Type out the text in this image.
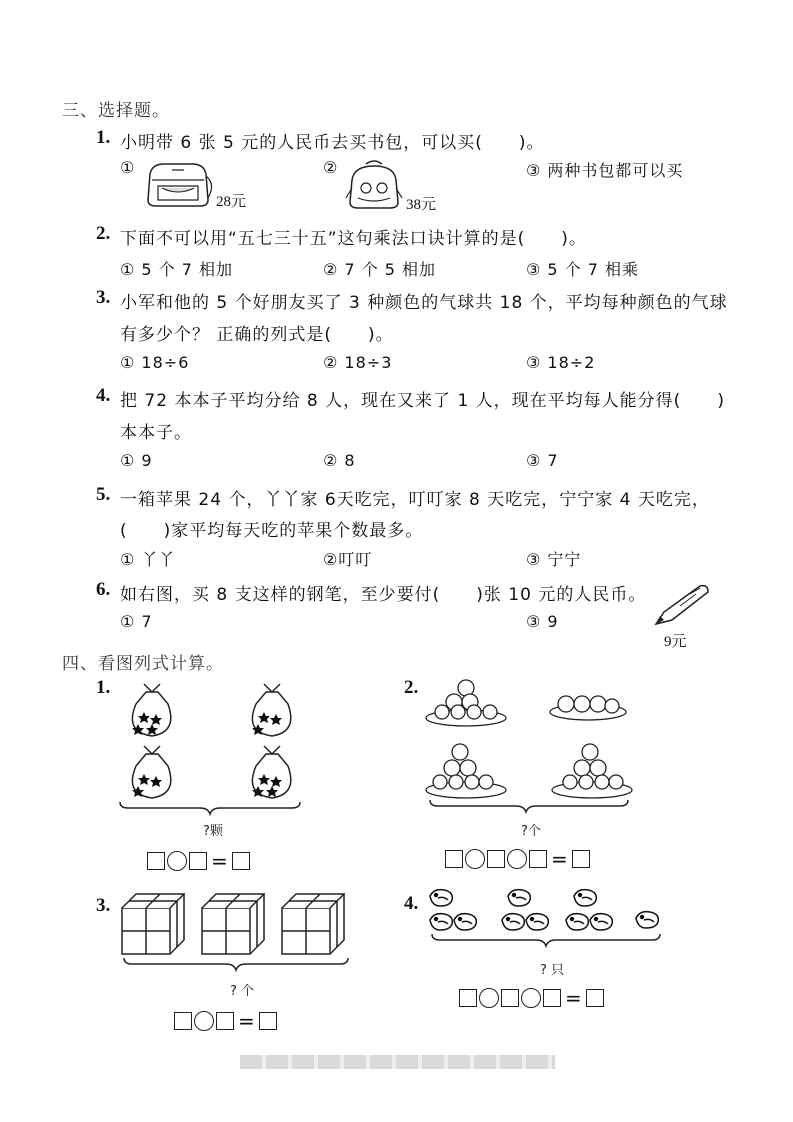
三、选择题。
1. 小明带 6 张 5 元的人民币去买书包，可以买(　　)。
①
28元
②
38元
③ 两种书包都可以买
2. 下面不可以用“五七三十五”这句乘法口诀计算的是(　　)。
① 5 个 7 相加	② 7 个 5 相加	③ 5 个 7 相乘
3. 小军和他的 5 个好朋友买了 3 种颜色的气球共 18 个，平均每种颜色的气球
有多少个？ 正确的列式是(　　)。
① 18÷6	② 18÷3	③ 18÷2
4. 把 72 本本子平均分给 8 人，现在又来了 1 人，现在平均每人能分得(　　)
本本子。
① 9	② 8	③ 7
5. 一箱苹果 24 个，丫丫家 6天吃完，叮叮家 8 天吃完，宁宁家 4 天吃完，
(　　)家平均每天吃的苹果个数最多。
① 丫丫	②叮叮	③ 宁宁
6. 如右图，买 8 支这样的钢笔，至少要付(　　)张 10 元的人民币。
① 7	③ 9
9元
四、看图列式计算。
1.
?颗
=
2.
?个
=
3.
? 个
=
4.
? 只
=
